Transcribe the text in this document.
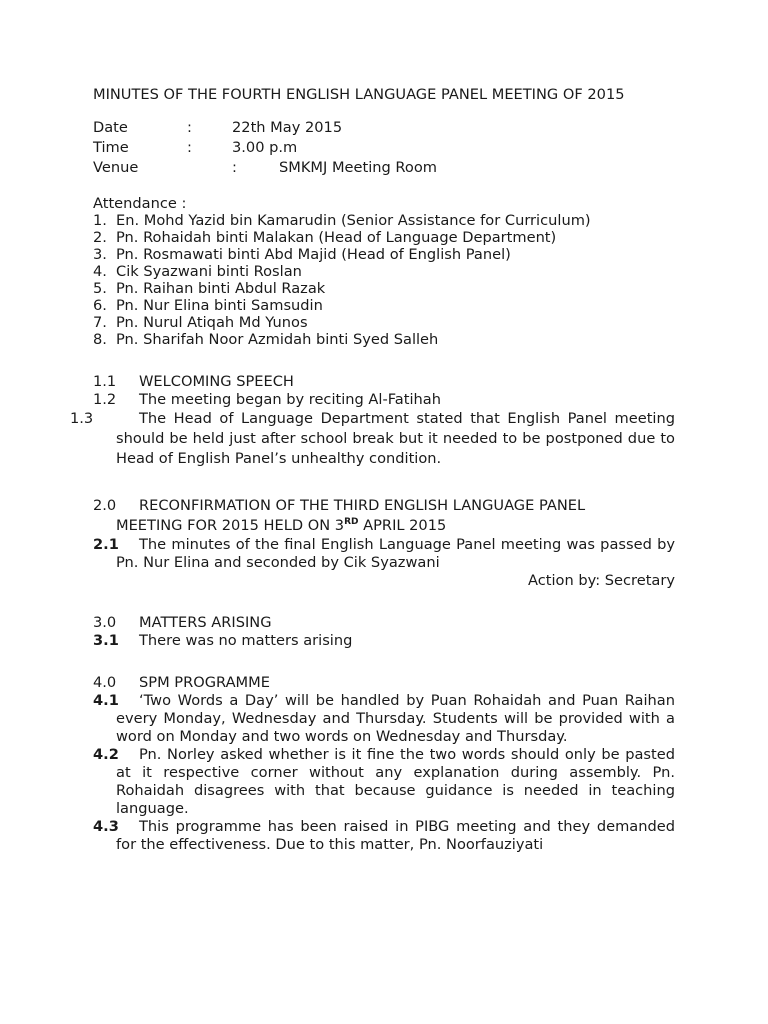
MINUTES OF THE FOURTH ENGLISH LANGUAGE PANEL MEETING OF 2015
Date	:	22th May 2015
Time	:	3.00 p.m
Venue	:	SMKMJ Meeting Room
Attendance :
1. En. Mohd Yazid bin Kamarudin (Senior Assistance for Curriculum)
2. Pn. Rohaidah binti Malakan (Head of Language Department)
3. Pn. Rosmawati binti Abd Majid (Head of English Panel)
4. Cik Syazwani binti Roslan
5. Pn. Raihan binti Abdul Razak
6. Pn. Nur Elina binti Samsudin
7. Pn. Nurul Atiqah Md Yunos
8. Pn. Sharifah Noor Azmidah binti Syed Salleh
1.1	WELCOMING SPEECH
1.2	The meeting began by reciting Al-Fatihah
1.3	The Head of Language Department stated that English Panel meeting should be held just after school break but it needed to be postponed due to Head of English Panel’s unhealthy condition.
2.0	RECONFIRMATION OF THE THIRD ENGLISH LANGUAGE PANEL
MEETING FOR 2015 HELD ON 3RD APRIL 2015
2.1 The minutes of the final English Language Panel meeting was passed by Pn. Nur Elina and seconded by Cik Syazwani
Action by: Secretary
3.0	MATTERS ARISING
3.1	There was no matters arising
4.0	SPM PROGRAMME
4.1 ‘Two Words a Day’ will be handled by Puan Rohaidah and Puan Raihan every Monday, Wednesday and Thursday. Students will be provided with a word on Monday and two words on Wednesday and Thursday.
4.2 Pn. Norley asked whether is it fine the two words should only be pasted at it respective corner without any explanation during assembly. Pn. Rohaidah disagrees with that because guidance is needed in teaching language.
4.3 This programme has been raised in PIBG meeting and they demanded for the effectiveness. Due to this matter, Pn. Noorfauziyati
